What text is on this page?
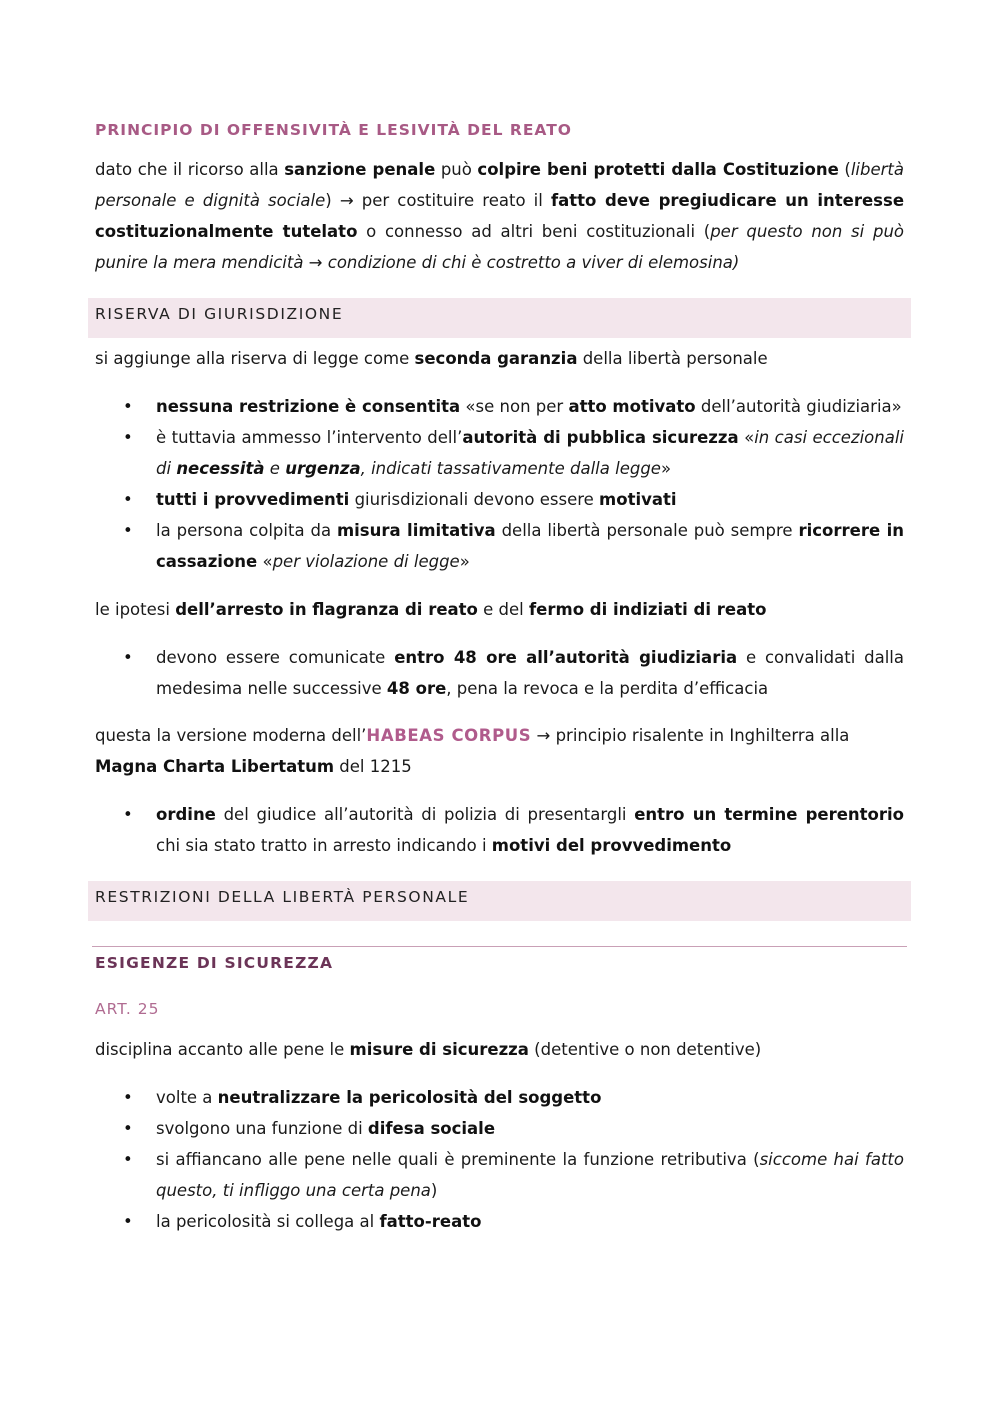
PRINCIPIO DI OFFENSIVITÀ E LESIVITÀ DEL REATO

dato che il ricorso alla sanzione penale può colpire beni protetti dalla Costituzione (libertà personale e dignità sociale) → per costituire reato il fatto deve pregiudicare un interesse costituzionalmente tutelato o connesso ad altri beni costituzionali (per questo non si può punire la mera mendicità → condizione di chi è costretto a viver di elemosina)

RISERVA DI GIURISDIZIONE

si aggiunge alla riserva di legge come seconda garanzia della libertà personale

• nessuna restrizione è consentita «se non per atto motivato dell’autorità giudiziaria»
• è tuttavia ammesso l’intervento dell’autorità di pubblica sicurezza «in casi eccezionali di necessità e urgenza, indicati tassativamente dalla legge»
• tutti i provvedimenti giurisdizionali devono essere motivati
• la persona colpita da misura limitativa della libertà personale può sempre ricorrere in cassazione «per violazione di legge»

le ipotesi dell’arresto in flagranza di reato e del fermo di indiziati di reato

• devono essere comunicate entro 48 ore all’autorità giudiziaria e convalidati dalla medesima nelle successive 48 ore, pena la revoca e la perdita d’efficacia

questa la versione moderna dell’HABEAS CORPUS → principio risalente in Inghilterra alla Magna Charta Libertatum del 1215

• ordine del giudice all’autorità di polizia di presentargli entro un termine perentorio chi sia stato tratto in arresto indicando i motivi del provvedimento
RESTRIZIONI DELLA LIBERTÀ PERSONALE
ESIGENZE DI SICUREZZA

ART. 25

disciplina accanto alle pene le misure di sicurezza (detentive o non detentive)

• volte a neutralizzare la pericolosità del soggetto
• svolgono una funzione di difesa sociale
• si affiancano alle pene nelle quali è preminente la funzione retributiva (siccome hai fatto questo, ti infliggo una certa pena)
• la pericolosità si collega al fatto-reato
